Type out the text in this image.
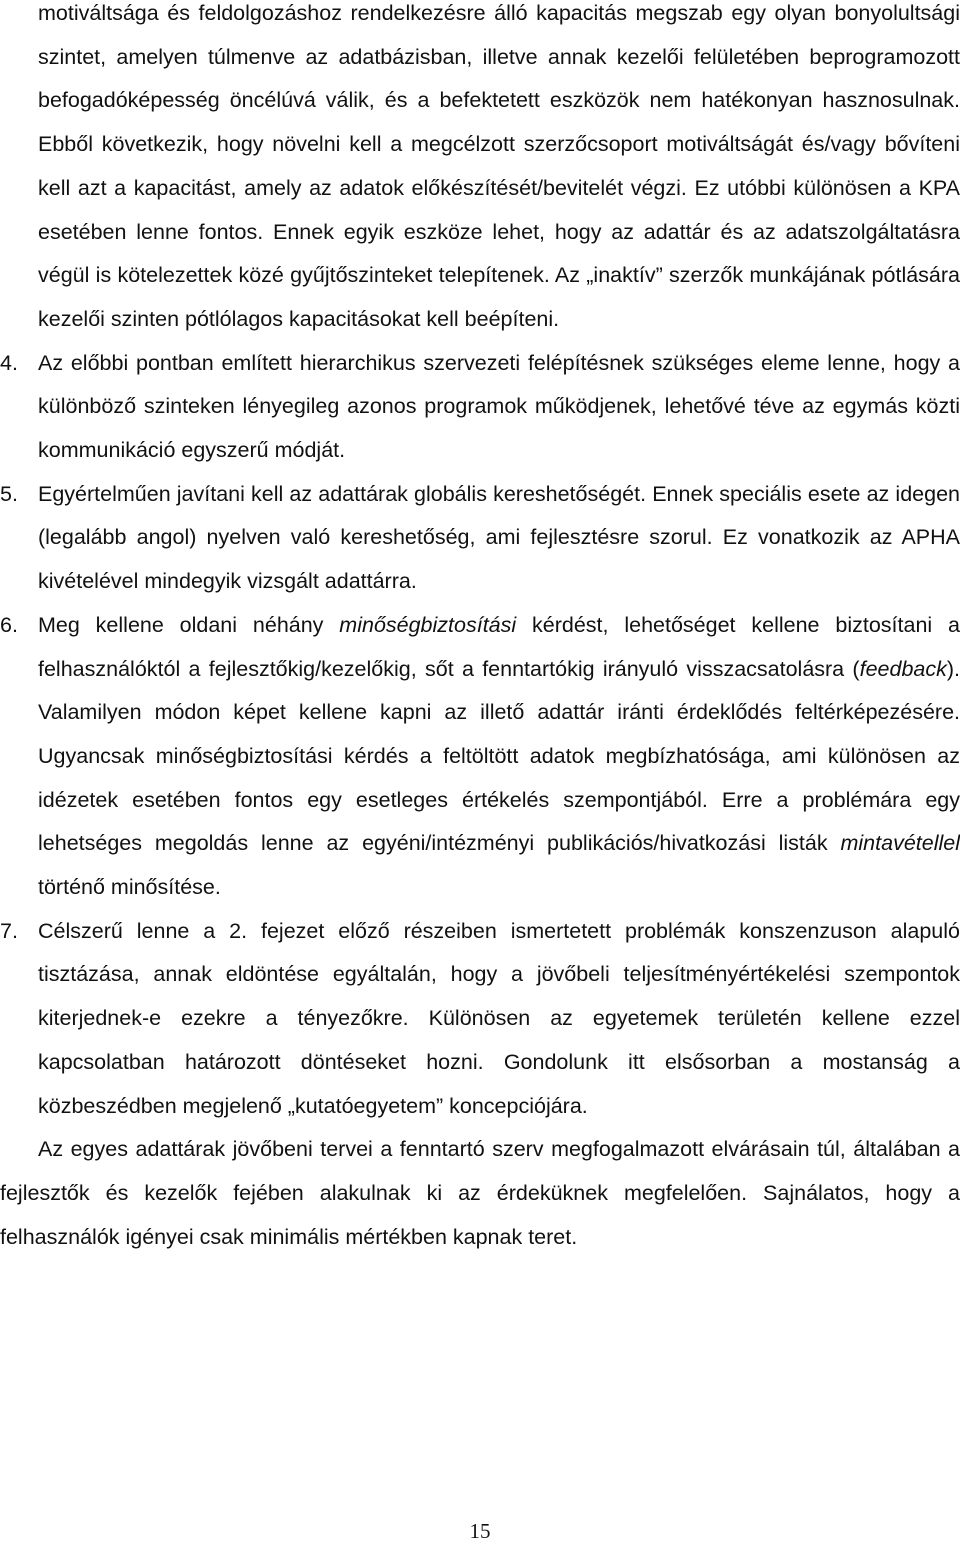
motiváltsága és feldolgozáshoz rendelkezésre álló kapacitás megszab egy olyan bonyolultsági szintet, amelyen túlmenve az adatbázisban, illetve annak kezelői felületében beprogramozott befogadóképesség öncélúvá válik, és a befektetett eszközök nem hatékonyan hasznosulnak. Ebből következik, hogy növelni kell a megcélzott szerzőcsoport motiváltságát és/vagy bővíteni kell azt a kapacitást, amely az adatok előkészítését/bevitelét végzi. Ez utóbbi különösen a KPA esetében lenne fontos. Ennek egyik eszköze lehet, hogy az adattár és az adatszolgáltatásra végül is kötelezettek közé gyűjtőszinteket telepítenek. Az „inaktív” szerzők munkájának pótlására kezelői szinten pótlólagos kapacitásokat kell beépíteni.

4. Az előbbi pontban említett hierarchikus szervezeti felépítésnek szükséges eleme lenne, hogy a különböző szinteken lényegileg azonos programok működjenek, lehetővé téve az egymás közti kommunikáció egyszerű módját.
5. Egyértelműen javítani kell az adattárak globális kereshetőségét. Ennek speciális esete az idegen (legalább angol) nyelven való kereshetőség, ami fejlesztésre szorul. Ez vonatkozik az APHA kivételével mindegyik vizsgált adattárra.
6. Meg kellene oldani néhány minőségbiztosítási kérdést, lehetőséget kellene biztosítani a felhasználóktól a fejlesztőkig/kezelőkig, sőt a fenntartókig irányuló visszacsatolásra (feedback). Valamilyen módon képet kellene kapni az illető adattár iránti érdeklődés feltérképezésére. Ugyancsak minőségbiztosítási kérdés a feltöltött adatok megbízhatósága, ami különösen az idézetek esetében fontos egy esetleges értékelés szempontjából. Erre a problémára egy lehetséges megoldás lenne az egyéni/intézményi publikációs/hivatkozási listák mintavétellel történő minősítése.
7. Célszerű lenne a 2. fejezet előző részeiben ismertetett problémák konszenzuson alapuló tisztázása, annak eldöntése egyáltalán, hogy a jövőbeli teljesítményértékelési szempontok kiterjednek-e ezekre a tényezőkre. Különösen az egyetemek területén kellene ezzel kapcsolatban határozott döntéseket hozni. Gondolunk itt elsősorban a mostanság a közbeszédben megjelenő „kutatóegyetem” koncepciójára.

Az egyes adattárak jövőbeni tervei a fenntartó szerv megfogalmazott elvárásain túl, általában a fejlesztők és kezelők fejében alakulnak ki az érdeküknek megfelelően. Sajnálatos, hogy a felhasználók igényei csak minimális mértékben kapnak teret.

15
